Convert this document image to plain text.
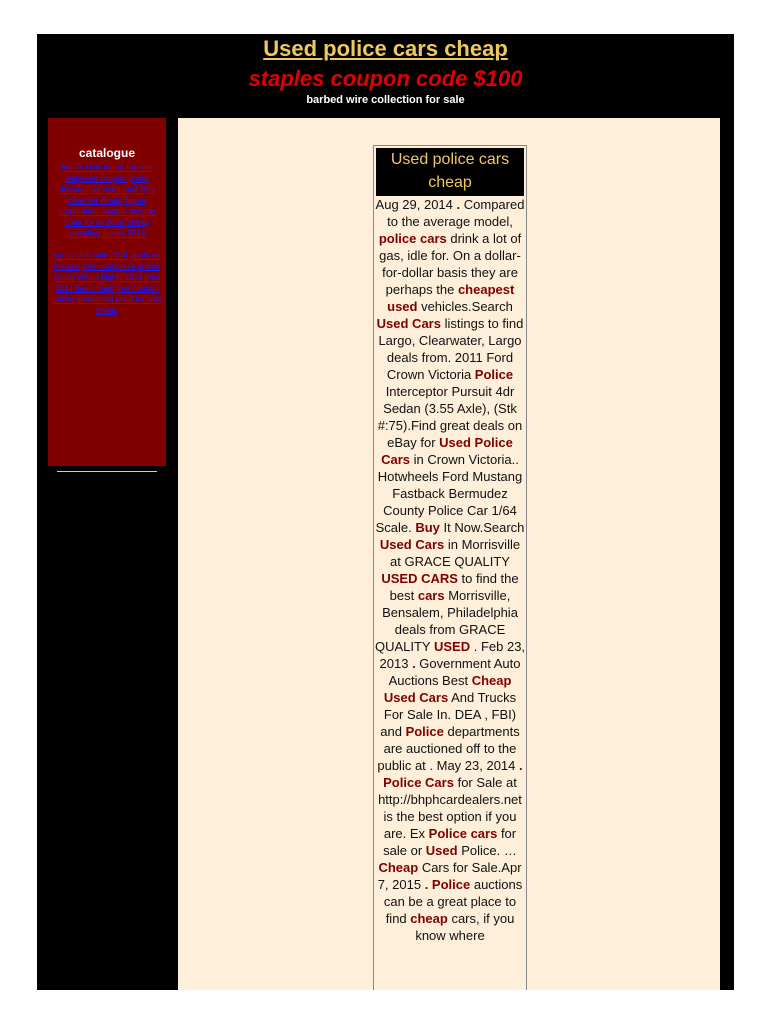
Used police cars cheap
staples coupon code $100
barbed wire collection for sale
catalogue
honda civic tourer for sale walgreen coupon photo discount ski hotel mp3 light crawl for cheap sigma corporation coupon coupon code for all stubs cheap wrestling tickets 2014
sam's club sale 2014 deals on the real free coupon vs promo codes cheap flights 2014 food 2014 deal cheap free coupon online dreamcast used for sale cheap
Used police cars cheap
Aug 29, 2014 . Compared to the average model, police cars drink a lot of gas, idle for. On a dollar-for-dollar basis they are perhaps the cheapest used vehicles.Search Used Cars listings to find Largo, Clearwater, Largo deals from. 2011 Ford Crown Victoria Police Interceptor Pursuit 4dr Sedan (3.55 Axle), (Stk #:75).Find great deals on eBay for Used Police Cars in Crown Victoria.. Hotwheels Ford Mustang Fastback Bermudez County Police Car 1/64 Scale. Buy It Now.Search Used Cars in Morrisville at GRACE QUALITY USED CARS to find the best cars Morrisville, Bensalem, Philadelphia deals from GRACE QUALITY USED . Feb 23, 2013 . Government Auto Auctions Best Cheap Used Cars And Trucks For Sale In. DEA , FBI) and Police departments are auctioned off to the public at . May 23, 2014 . Police Cars for Sale at http://bhphcardealers.net is the best option if you are. Ex Police cars for sale or Used Police. … Cheap Cars for Sale.Apr 7, 2015 . Police auctions can be a great place to find cheap cars, if you know where
